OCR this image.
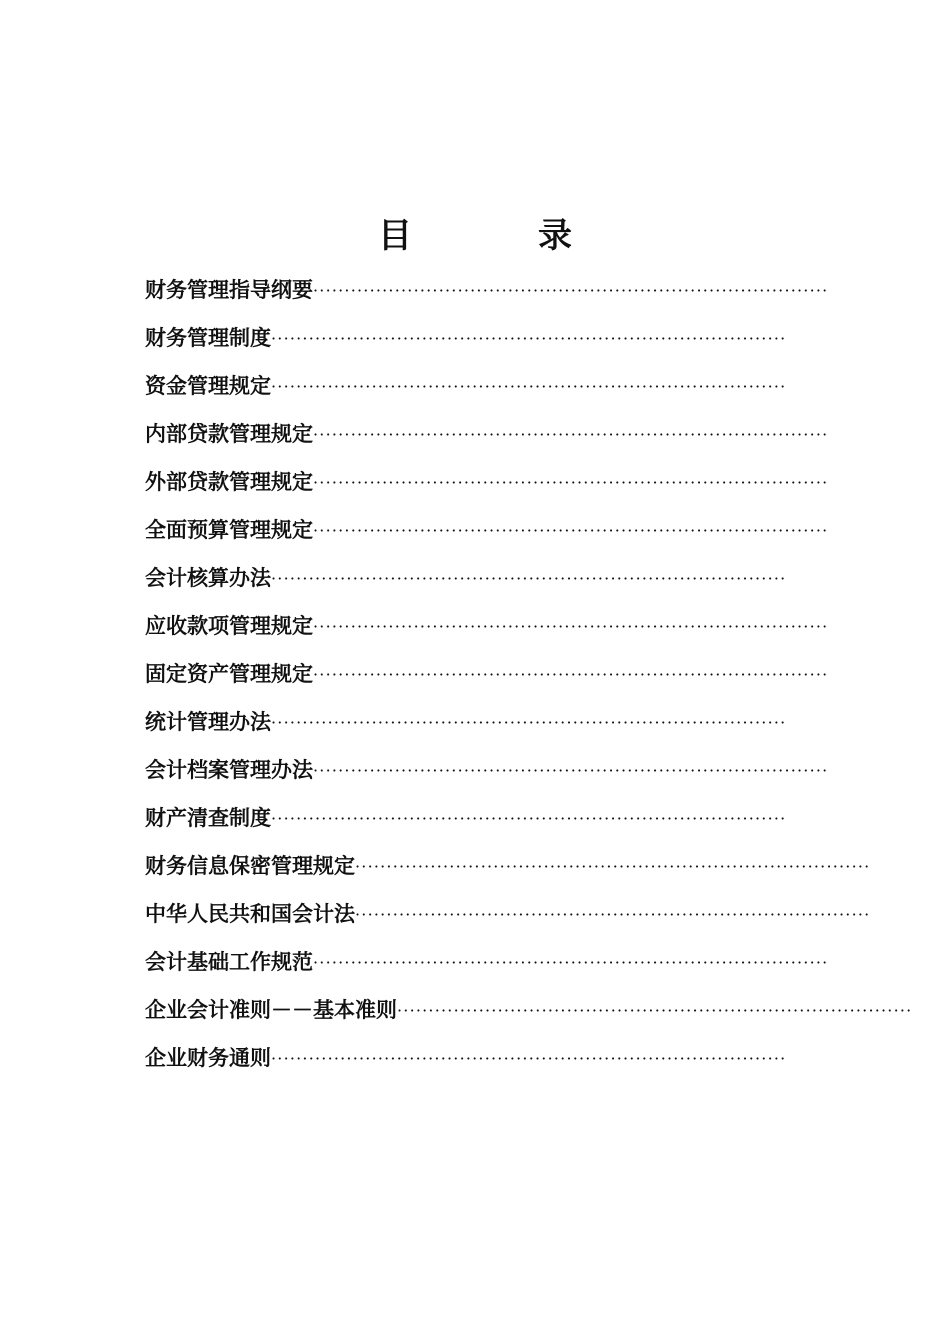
目　录
财务管理指导纲要 ··················································································
财务管理制度 ··················································································
资金管理规定 ··················································································
内部贷款管理规定 ··················································································
外部贷款管理规定 ··················································································
全面预算管理规定 ··················································································
会计核算办法 ··················································································
应收款项管理规定 ··················································································
固定资产管理规定 ··················································································
统计管理办法 ··················································································
会计档案管理办法 ··················································································
财产清查制度 ··················································································
财务信息保密管理规定 ··················································································
中华人民共和国会计法 ··················································································
会计基础工作规范 ··················································································
企业会计准则－－基本准则 ··················································································
企业财务通则 ··················································································
